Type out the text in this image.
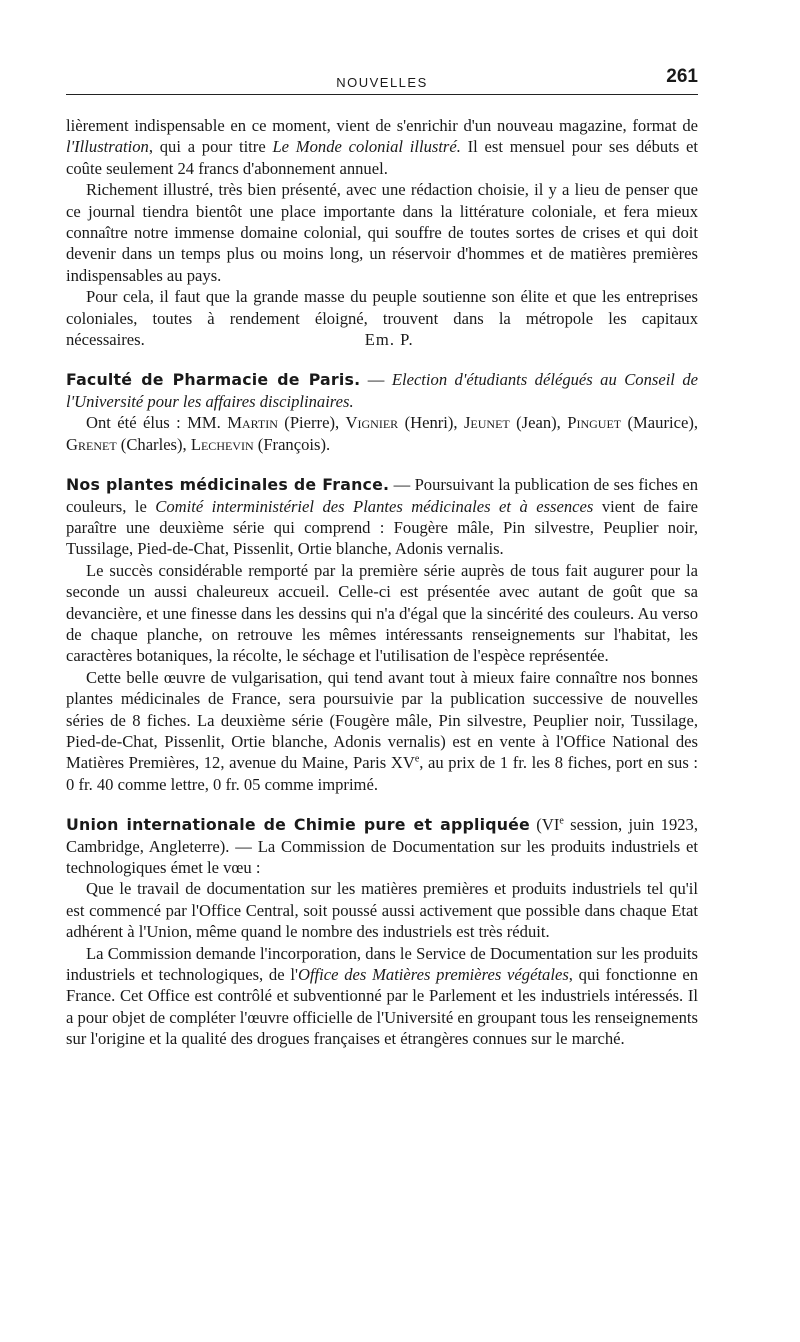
NOUVELLES	261

lièrement indispensable en ce moment, vient de s'enrichir d'un nouveau magazine, format de l'Illustration, qui a pour titre Le Monde colonial illustré. Il est mensuel pour ses débuts et coûte seulement 24 francs d'abonnement annuel.

Richement illustré, très bien présenté, avec une rédaction choisie, il y a lieu de penser que ce journal tiendra bientôt une place importante dans la littérature coloniale, et fera mieux connaître notre immense domaine colonial, qui souffre de toutes sortes de crises et qui doit devenir dans un temps plus ou moins long, un réservoir d'hommes et de matières premières indispensables au pays.

Pour cela, il faut que la grande masse du peuple soutienne son élite et que les entreprises coloniales, toutes à rendement éloigné, trouvent dans la métropole les capitaux nécessaires.	Em. P.

Faculté de Pharmacie de Paris. — Election d'étudiants délégués au Conseil de l'Université pour les affaires disciplinaires.

Ont été élus : MM. Martin (Pierre), Vignier (Henri), Jeunet (Jean), Pinguet (Maurice), Grenet (Charles), Lechevin (François).

Nos plantes médicinales de France. — Poursuivant la publication de ses fiches en couleurs, le Comité interministériel des Plantes médicinales et à essences vient de faire paraître une deuxième série qui comprend : Fougère mâle, Pin silvestre, Peuplier noir, Tussilage, Pied-de-Chat, Pissenlit, Ortie blanche, Adonis vernalis.

Le succès considérable remporté par la première série auprès de tous fait augurer pour la seconde un aussi chaleureux accueil. Celle-ci est présentée avec autant de goût que sa devancière, et une finesse dans les dessins qui n'a d'égal que la sincérité des couleurs. Au verso de chaque planche, on retrouve les mêmes intéressants renseignements sur l'habitat, les caractères botaniques, la récolte, le séchage et l'utilisation de l'espèce représentée.

Cette belle œuvre de vulgarisation, qui tend avant tout à mieux faire connaître nos bonnes plantes médicinales de France, sera poursuivie par la publication successive de nouvelles séries de 8 fiches. La deuxième série (Fougère mâle, Pin silvestre, Peuplier noir, Tussilage, Pied-de-Chat, Pissenlit, Ortie blanche, Adonis vernalis) est en vente à l'Office National des Matières Premières, 12, avenue du Maine, Paris XVe, au prix de 1 fr. les 8 fiches, port en sus : 0 fr. 40 comme lettre, 0 fr. 05 comme imprimé.

Union internationale de Chimie pure et appliquée (VIe session, juin 1923, Cambridge, Angleterre). — La Commission de Documentation sur les produits industriels et technologiques émet le vœu :

Que le travail de documentation sur les matières premières et produits industriels tel qu'il est commencé par l'Office Central, soit poussé aussi activement que possible dans chaque Etat adhérent à l'Union, même quand le nombre des industriels est très réduit.

La Commission demande l'incorporation, dans le Service de Documentation sur les produits industriels et technologiques, de l'Office des Matières premières végétales, qui fonctionne en France. Cet Office est contrôlé et subventionné par le Parlement et les industriels intéressés. Il a pour objet de compléter l'œuvre officielle de l'Université en groupant tous les renseignements sur l'origine et la qualité des drogues françaises et étrangères connues sur le marché.
